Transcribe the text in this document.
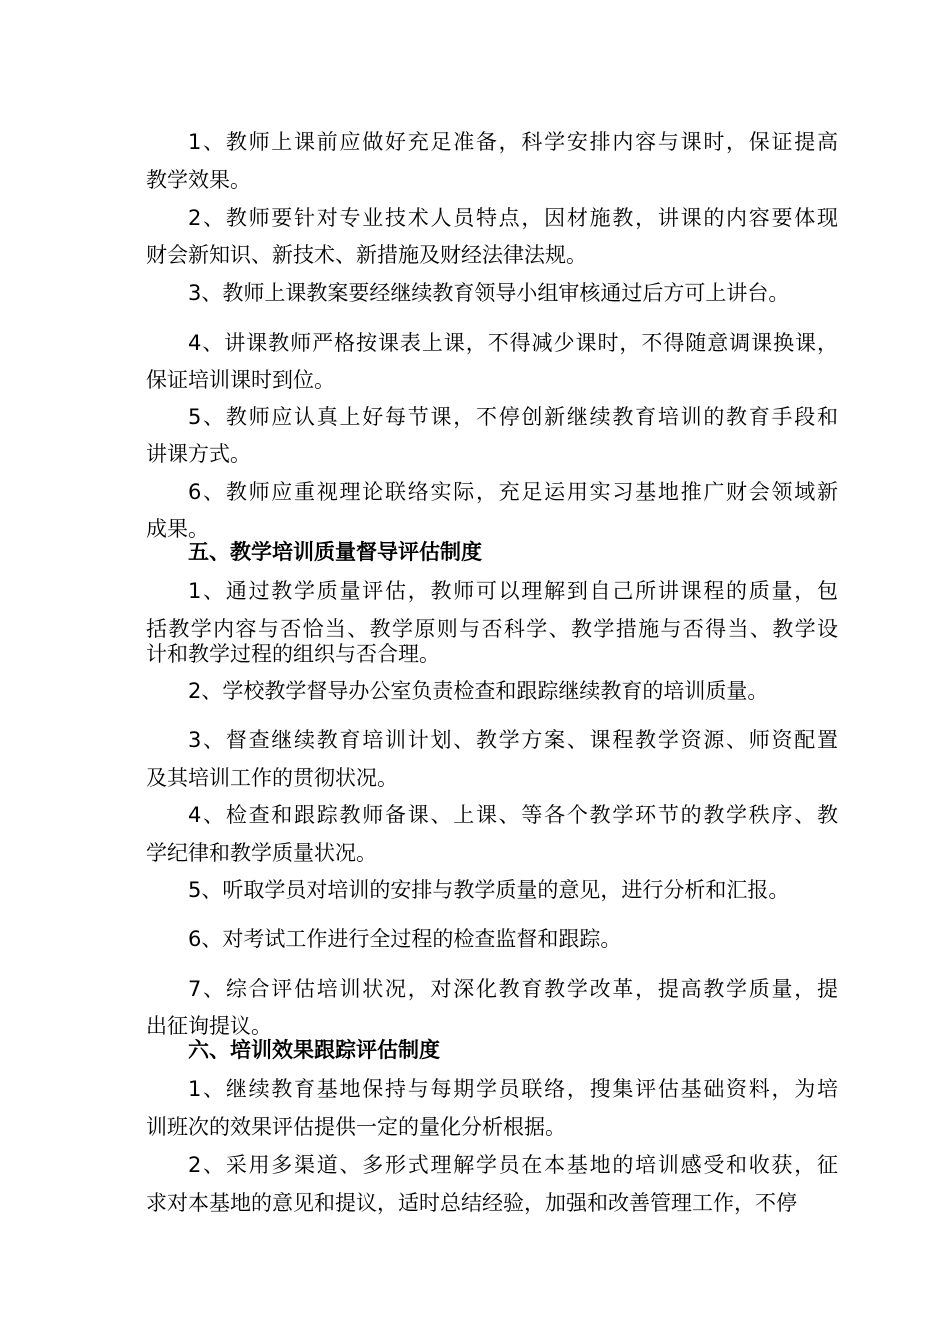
1、教师上课前应做好充足准备，科学安排内容与课时，保证提高
教学效果。
2、教师要针对专业技术人员特点，因材施教，讲课的内容要体现
财会新知识、新技术、新措施及财经法律法规。
3、教师上课教案要经继续教育领导小组审核通过后方可上讲台。
4、讲课教师严格按课表上课，不得减少课时，不得随意调课换课，
保证培训课时到位。
5、教师应认真上好每节课，不停创新继续教育培训的教育手段和
讲课方式。
6、教师应重视理论联络实际，充足运用实习基地推广财会领域新
成果。
五、教学培训质量督导评估制度
1、通过教学质量评估，教师可以理解到自己所讲课程的质量，包
括教学内容与否恰当、教学原则与否科学、教学措施与否得当、教学设
计和教学过程的组织与否合理。
2、学校教学督导办公室负责检查和跟踪继续教育的培训质量。
3、督查继续教育培训计划、教学方案、课程教学资源、师资配置
及其培训工作的贯彻状况。
4、检查和跟踪教师备课、上课、等各个教学环节的教学秩序、教
学纪律和教学质量状况。
5、听取学员对培训的安排与教学质量的意见，进行分析和汇报。
6、对考试工作进行全过程的检查监督和跟踪。
7、综合评估培训状况，对深化教育教学改革，提高教学质量，提
出征询提议。
六、培训效果跟踪评估制度
1、继续教育基地保持与每期学员联络，搜集评估基础资料，为培
训班次的效果评估提供一定的量化分析根据。
2、采用多渠道、多形式理解学员在本基地的培训感受和收获，征
求对本基地的意见和提议，适时总结经验，加强和改善管理工作，不停
